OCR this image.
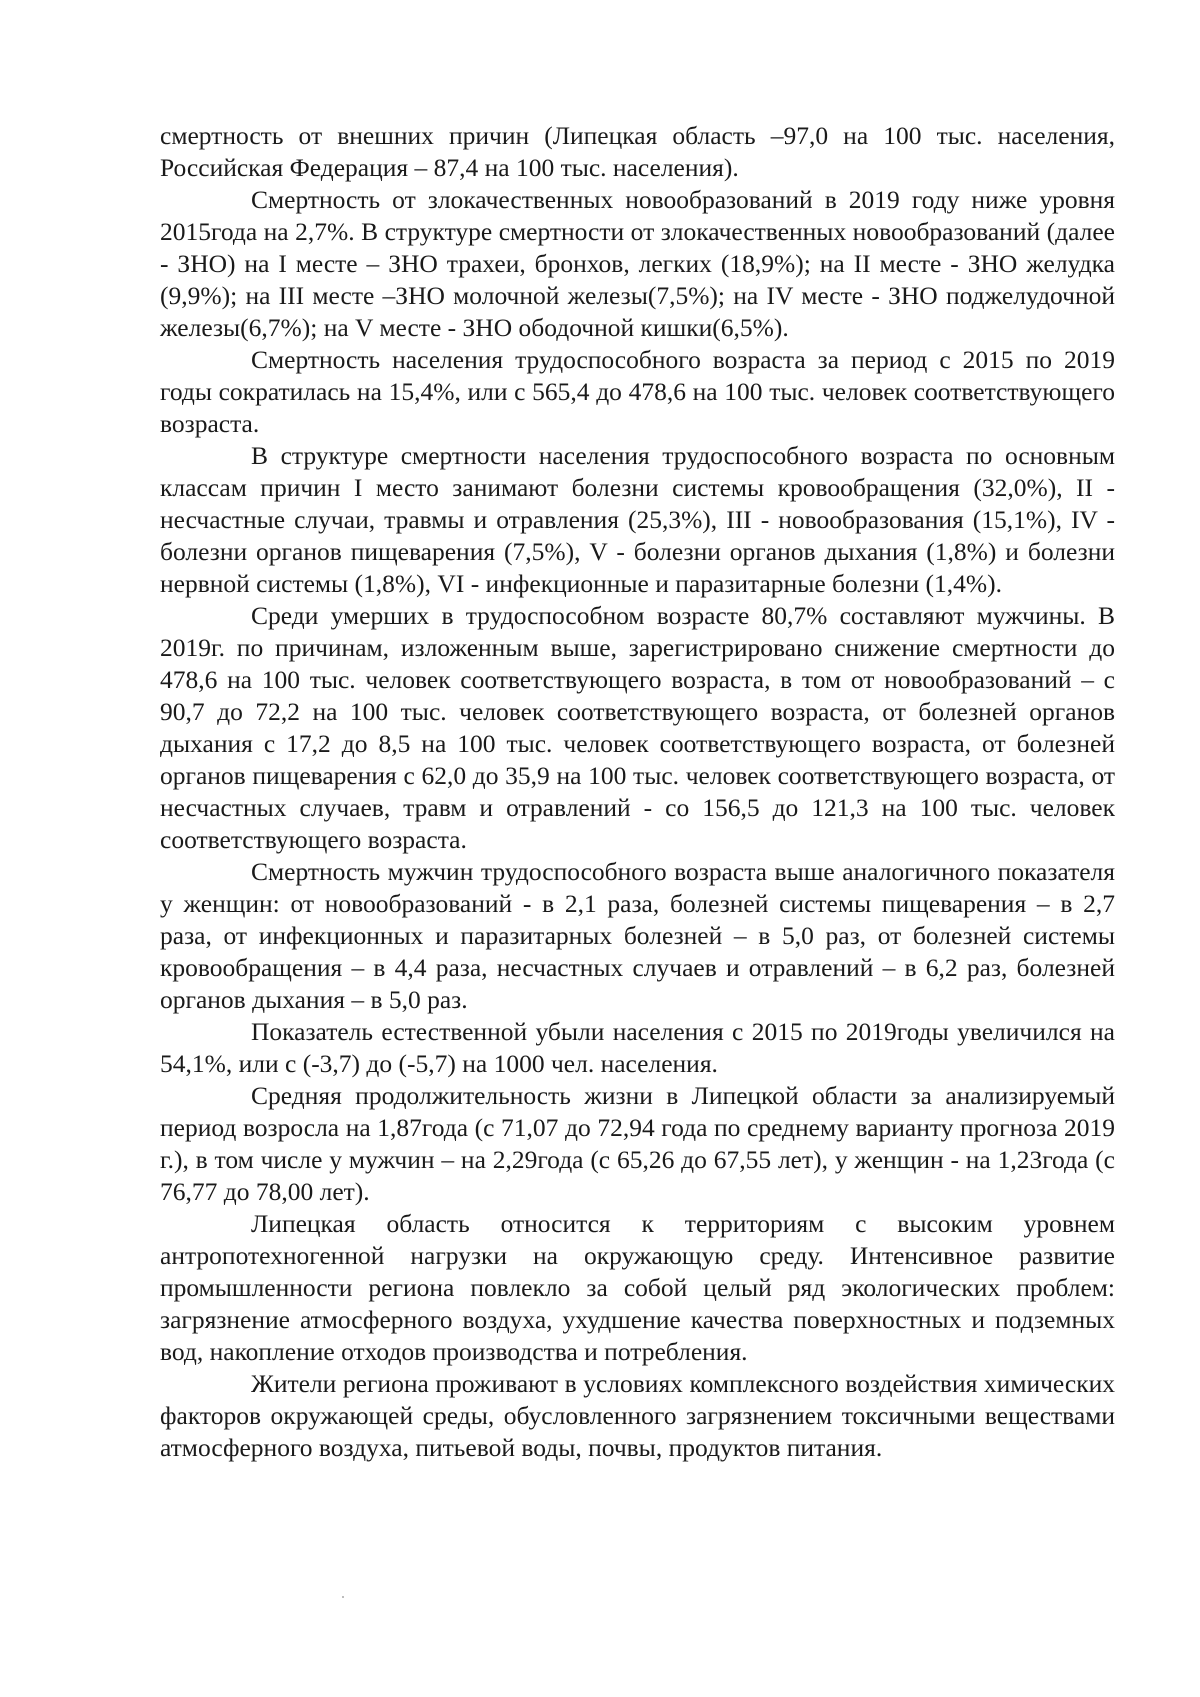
смертность от внешних причин (Липецкая область –97,0 на 100 тыс. населения, Российская Федерация – 87,4 на 100 тыс. населения).

Смертность от злокачественных новообразований в 2019 году ниже уровня 2015года на 2,7%. В структуре смертности от злокачественных новообразований (далее - ЗНО) на I месте – ЗНО трахеи, бронхов, легких (18,9%); на II месте - ЗНО желудка (9,9%); на III месте –ЗНО молочной железы(7,5%); на IV месте - ЗНО поджелудочной железы(6,7%); на V месте - ЗНО ободочной кишки(6,5%).

Смертность населения трудоспособного возраста за период с 2015 по 2019 годы сократилась на 15,4%, или с 565,4 до 478,6 на 100 тыс. человек соответствующего возраста.

В структуре смертности населения трудоспособного возраста по основным классам причин I место занимают болезни системы кровообращения (32,0%), II - несчастные случаи, травмы и отравления (25,3%), III - новообразования (15,1%), IV - болезни органов пищеварения (7,5%), V - болезни органов дыхания (1,8%) и болезни нервной системы (1,8%), VI - инфекционные и паразитарные болезни (1,4%).

Среди умерших в трудоспособном возрасте 80,7% составляют мужчины. В 2019г. по причинам, изложенным выше, зарегистрировано снижение смертности до 478,6 на 100 тыс. человек соответствующего возраста, в том от новообразований – с 90,7 до 72,2 на 100 тыс. человек соответствующего возраста, от болезней органов дыхания с 17,2 до 8,5 на 100 тыс. человек соответствующего возраста, от болезней органов пищеварения с 62,0 до 35,9 на 100 тыс. человек соответствующего возраста, от несчастных случаев, травм и отравлений - со 156,5 до 121,3 на 100 тыс. человек соответствующего возраста.

Смертность мужчин трудоспособного возраста выше аналогичного показателя у женщин: от новообразований - в 2,1 раза, болезней системы пищеварения – в 2,7 раза, от инфекционных и паразитарных болезней – в 5,0 раз, от болезней системы кровообращения – в 4,4 раза, несчастных случаев и отравлений – в 6,2 раз, болезней органов дыхания – в 5,0 раз.

Показатель естественной убыли населения с 2015 по 2019годы увеличился на 54,1%, или с (-3,7) до (-5,7) на 1000 чел. населения.

Средняя продолжительность жизни в Липецкой области за анализируемый период возросла на 1,87года (с 71,07 до 72,94 года по среднему варианту прогноза 2019 г.), в том числе у мужчин – на 2,29года (с 65,26 до 67,55 лет), у женщин - на 1,23года (с 76,77 до 78,00 лет).

Липецкая область относится к территориям с высоким уровнем антропотехногенной нагрузки на окружающую среду. Интенсивное развитие промышленности региона повлекло за собой целый ряд экологических проблем: загрязнение атмосферного воздуха, ухудшение качества поверхностных и подземных вод, накопление отходов производства и потребления.

Жители региона проживают в условиях комплексного воздействия химических факторов окружающей среды, обусловленного загрязнением токсичными веществами атмосферного воздуха, питьевой воды, почвы, продуктов питания.
